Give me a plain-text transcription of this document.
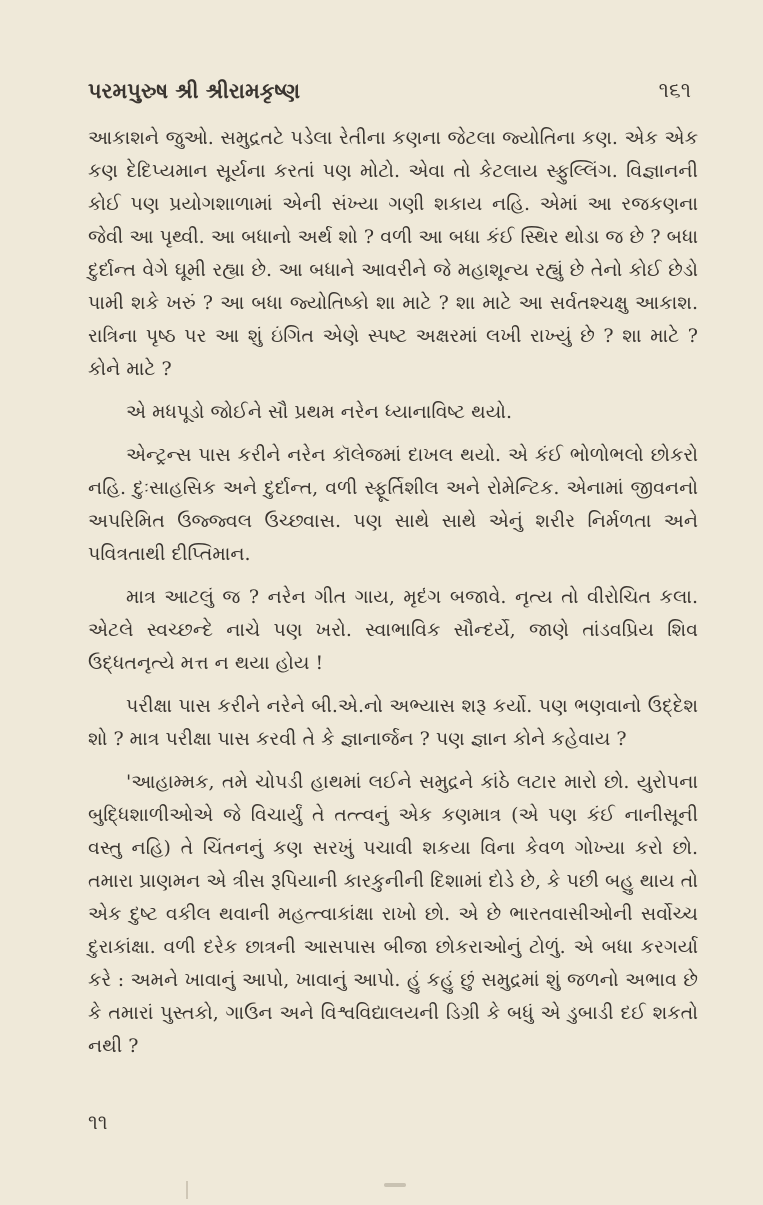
પરમપુરુષ શ્રી શ્રીરામકૃષ્ણ	૧૬૧

આકાશને જુઓ. સમુદ્રતટે પડેલા રેતીના કણના જેટલા જ્યોતિના કણ. એક એક કણ દેદિપ્યમાન સૂર્યના કરતાં પણ મોટો. એવા તો કેટલાય સ્ફુલ્લિંગ. વિજ્ઞાનની કોઈ પણ પ્રયોગશાળામાં એની સંખ્યા ગણી શકાય નહિ. એમાં આ રજકણના જેવી આ પૃથ્વી. આ બધાનો અર્થ શો ? વળી આ બધા કંઈ સ્થિર થોડા જ છે ? બધા દુર્દાન્ત વેગે ઘૂમી રહ્યા છે. આ બધાને આવરીને જે મહાશૂન્ય રહ્યું છે તેનો કોઈ છેડો પામી શકે ખરું ? આ બધા જ્યોતિષ્કો શા માટે ? શા માટે આ સર્વતશ્ચક્ષુ આકાશ. રાત્રિના પૃષ્ઠ પર આ શું ઇંગિત એણે સ્પષ્ટ અક્ષરમાં લખી રાખ્યું છે ? શા માટે ? કોને માટે ?

એ મધપૂડો જોઈને સૌ પ્રથમ નરેન ધ્યાનાવિષ્ટ થયો.

એન્ટ્રન્સ પાસ કરીને નરેન કૉલેજમાં દાખલ થયો. એ કંઈ ભોળોભલો છોકરો નહિ. દુઃસાહસિક અને દુર્દાન્ત, વળી સ્ફૂર્તિશીલ અને રોમેન્ટિક. એનામાં જીવનનો અપરિમિત ઉજ્જ્વલ ઉચ્છ્વાસ. પણ સાથે સાથે એનું શરીર નિર્મળતા અને પવિત્રતાથી દીપ્તિમાન.

માત્ર આટલું જ ? નરેન ગીત ગાય, મૃદંગ બજાવે. નૃત્ય તો વીરોચિત કલા. એટલે સ્વચ્છન્દે નાચે પણ ખરો. સ્વાભાવિક સૌન્દર્યે, જાણે તાંડવપ્રિય શિવ ઉદ્ધતનૃત્યે મત્ત ન થયા હોય !

પરીક્ષા પાસ કરીને નરેને બી.એ.નો અભ્યાસ શરૂ કર્યો. પણ ભણવાનો ઉદ્દેશ શો ? માત્ર પરીક્ષા પાસ કરવી તે કે જ્ઞાનાર્જન ? પણ જ્ઞાન કોને કહેવાય ?

'આહામ્મક, તમે ચોપડી હાથમાં લઈને સમુદ્રને કાંઠે લટાર મારો છો. યુરોપના બુદ્ધિશાળીઓએ જે વિચાર્યું તે તત્ત્વનું એક કણમાત્ર (એ પણ કંઈ નાનીસૂની વસ્તુ નહિ) તે ચિંતનનું કણ સરખું પચાવી શકયા વિના કેવળ ગોખ્યા કરો છો. તમારા પ્રાણમન એ ત્રીસ રૂપિયાની કારકુનીની દિશામાં દોડે છે, કે પછી બહુ થાય તો એક દુષ્ટ વકીલ થવાની મહત્ત્વાકાંક્ષા રાખો છો. એ છે ભારતવાસીઓની સર્વોચ્ચ દુરાકાંક્ષા. વળી દરેક છાત્રની આસપાસ બીજા છોકરાઓનું ટોળું. એ બધા કરગર્યા કરે : અમને ખાવાનું આપો, ખાવાનું આપો. હું કહું છું સમુદ્રમાં શું જળનો અભાવ છે કે તમારાં પુસ્તકો, ગાઉન અને વિશ્વવિદ્યાલયની ડિગ્રી કે બધું એ ડુબાડી દઈ શકતો નથી ?

૧૧
